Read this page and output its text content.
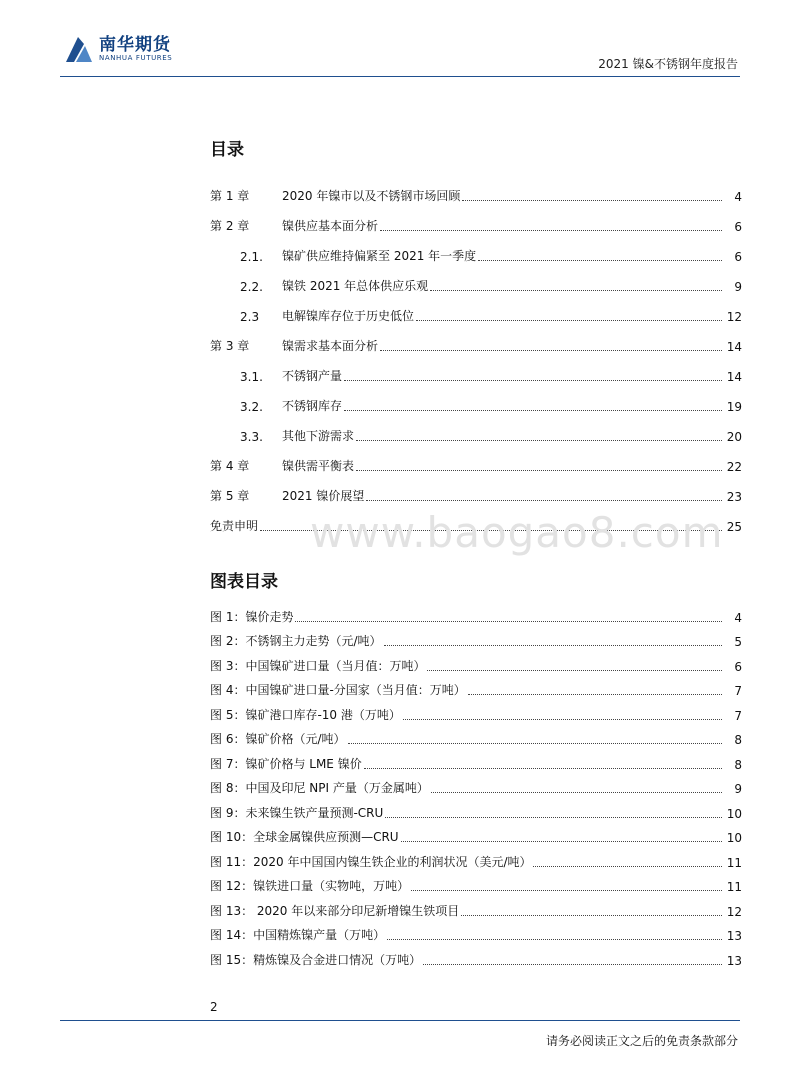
南华期货
NANHUA FUTURES	2021 镍&不锈钢年度报告
目录
第 1 章	2020 年镍市以及不锈钢市场回顾	4
第 2 章	镍供应基本面分析	6
2.1.	镍矿供应维持偏紧至 2021 年一季度	6
2.2.	镍铁 2021 年总体供应乐观	9
2.3	电解镍库存位于历史低位	12
第 3 章	镍需求基本面分析	14
3.1.	不锈钢产量	14
3.2.	不锈钢库存	19
3.3.	其他下游需求	20
第 4 章	镍供需平衡表	22
第 5 章	2021 镍价展望	23
免责申明	25
www.baogao8.com
图表目录
图 1：镍价走势	4
图 2：不锈钢主力走势（元/吨）	5
图 3：中国镍矿进口量（当月值：万吨）	6
图 4：中国镍矿进口量-分国家（当月值：万吨）	7
图 5：镍矿港口库存-10 港（万吨）	7
图 6：镍矿价格（元/吨）	8
图 7：镍矿价格与 LME 镍价	8
图 8：中国及印尼 NPI 产量（万金属吨）	9
图 9：未来镍生铁产量预测-CRU	10
图 10：全球金属镍供应预测—CRU	10
图 11：2020 年中国国内镍生铁企业的利润状况（美元/吨）	11
图 12：镍铁进口量（实物吨，万吨）	11
图 13： 2020 年以来部分印尼新增镍生铁项目	12
图 14：中国精炼镍产量（万吨）	13
图 15：精炼镍及合金进口情况（万吨）	13
2
请务必阅读正文之后的免责条款部分
